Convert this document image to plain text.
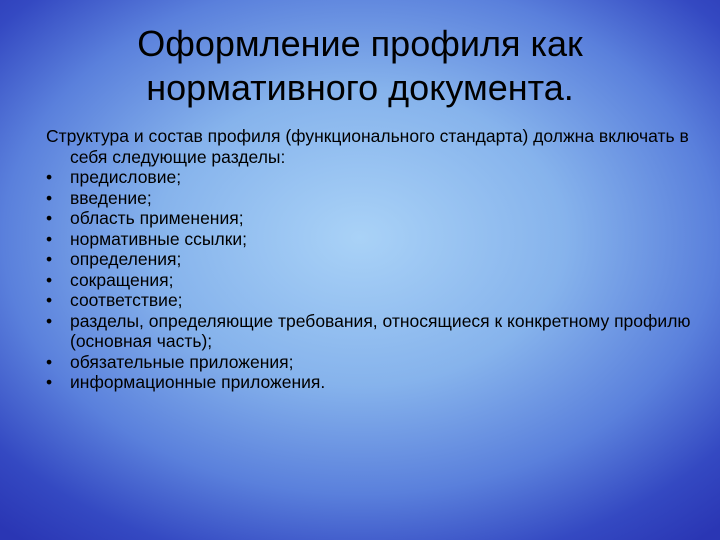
Оформление профиля как нормативного документа.

Структура и состав профиля (функционального стандарта) должна включать в себя следующие разделы:

• предисловие;
• введение;
• область применения;
• нормативные ссылки;
• определения;
• сокращения;
• соответствие;
• разделы, определяющие требования, относящиеся к конкретному профилю (основная часть);
• обязательные приложения;
• информационные приложения.
